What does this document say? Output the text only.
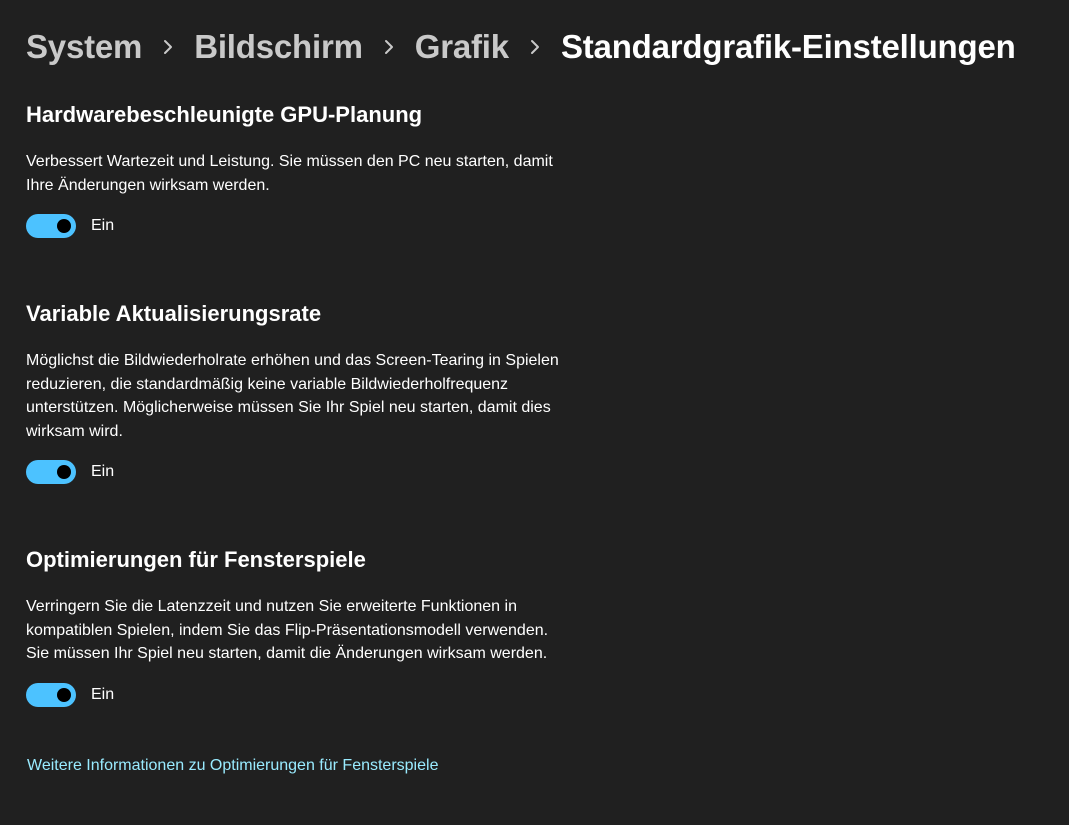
System Bildschirm Grafik Standardgrafik-Einstellungen
Hardwarebeschleunigte GPU-Planung

Verbessert Wartezeit und Leistung. Sie müssen den PC neu starten, damit Ihre Änderungen wirksam werden.

Ein
Variable Aktualisierungsrate

Möglichst die Bildwiederholrate erhöhen und das Screen-Tearing in Spielen reduzieren, die standardmäßig keine variable Bildwiederholfrequenz unterstützen. Möglicherweise müssen Sie Ihr Spiel neu starten, damit dies wirksam wird.

Ein
Optimierungen für Fensterspiele

Verringern Sie die Latenzzeit und nutzen Sie erweiterte Funktionen in kompatiblen Spielen, indem Sie das Flip-Präsentationsmodell verwenden. Sie müssen Ihr Spiel neu starten, damit die Änderungen wirksam werden.

Ein
Weitere Informationen zu Optimierungen für Fensterspiele
